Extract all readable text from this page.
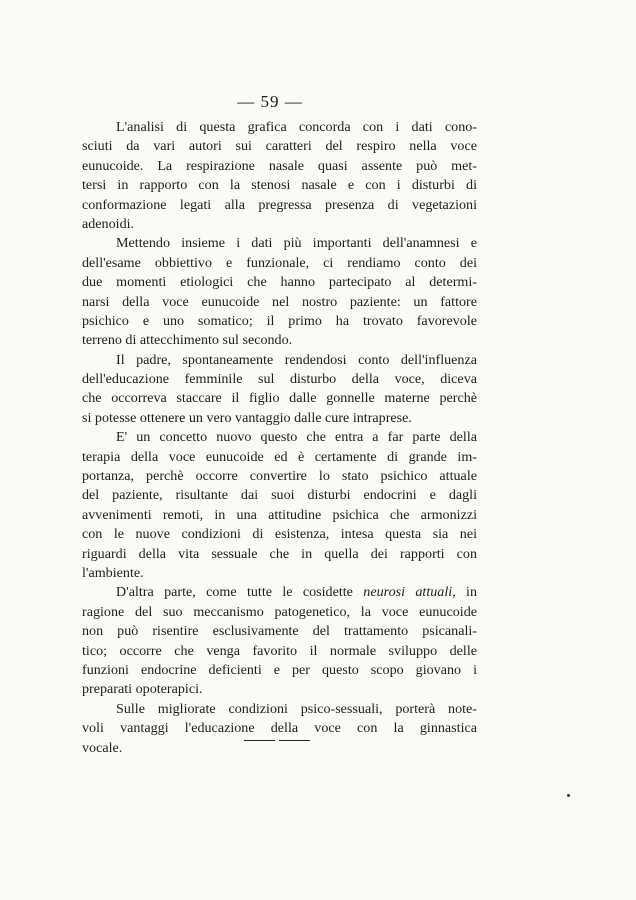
— 59 —
L'analisi di questa grafica concorda con i dati cono-
sciuti da vari autori sui caratteri del respiro nella voce
eunucoide. La respirazione nasale quasi assente può met-
tersi in rapporto con la stenosi nasale e con i disturbi di
conformazione legati alla pregressa presenza di vegetazioni
adenoidi.
Mettendo insieme i dati più importanti dell'anamnesi e
dell'esame obbiettivo e funzionale, ci rendiamo conto dei
due momenti etiologici che hanno partecipato al determi-
narsi della voce eunucoide nel nostro paziente: un fattore
psichico e uno somatico; il primo ha trovato favorevole
terreno di attecchimento sul secondo.
Il padre, spontaneamente rendendosi conto dell'influenza
dell'educazione femminile sul disturbo della voce, diceva
che occorreva staccare il figlio dalle gonnelle materne perchè
si potesse ottenere un vero vantaggio dalle cure intraprese.
E' un concetto nuovo questo che entra a far parte della
terapia della voce eunucoide ed è certamente di grande im-
portanza, perchè occorre convertire lo stato psichico attuale
del paziente, risultante dai suoi disturbi endocrini e dagli
avvenimenti remoti, in una attitudine psichica che armonizzi
con le nuove condizioni di esistenza, intesa questa sia nei
riguardi della vita sessuale che in quella dei rapporti con
l'ambiente.
D'altra parte, come tutte le cosidette neurosi attuali, in
ragione del suo meccanismo patogenetico, la voce eunucoide
non può risentire esclusivamente del trattamento psicanali-
tico; occorre che venga favorito il normale sviluppo delle
funzioni endocrine deficienti e per questo scopo giovano i
preparati opoterapici.
Sulle migliorate condizioni psico-sessuali, porterà note-
voli vantaggi l'educazione della voce con la ginnastica
vocale.
